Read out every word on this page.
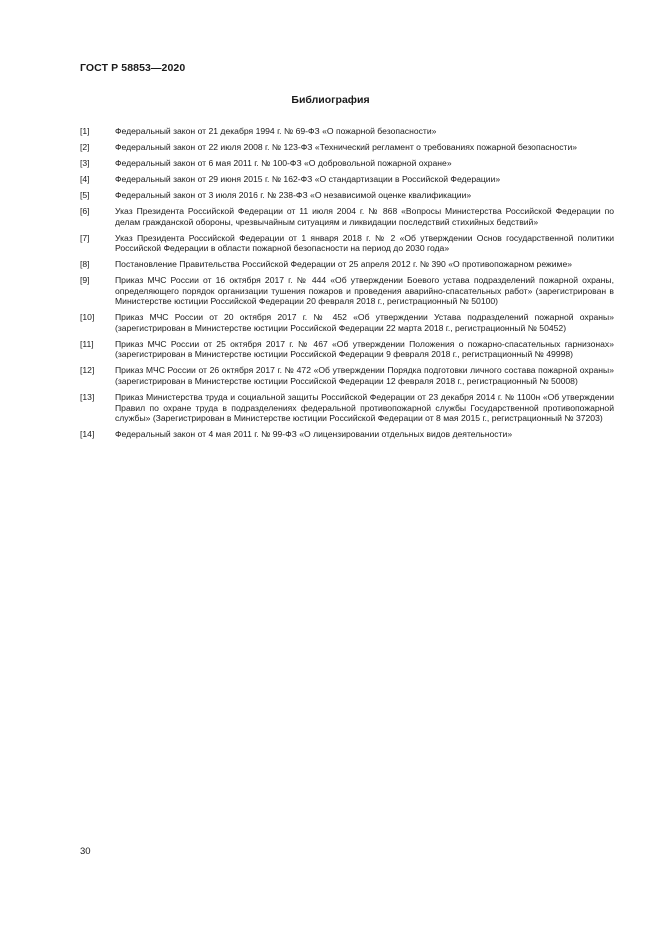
ГОСТ Р 58853—2020
Библиография
[1]	Федеральный закон от 21 декабря 1994 г. № 69-ФЗ «О пожарной безопасности»
[2]	Федеральный закон от 22 июля 2008 г. № 123-ФЗ «Технический регламент о требованиях пожарной безопасности»
[3]	Федеральный закон от 6 мая 2011 г. № 100-ФЗ «О добровольной пожарной охране»
[4]	Федеральный закон от 29 июня 2015 г. № 162-ФЗ «О стандартизации в Российской Федерации»
[5]	Федеральный закон от 3 июля 2016 г. № 238-ФЗ «О независимой оценке квалификации»
[6]	Указ Президента Российской Федерации от 11 июля 2004 г. № 868 «Вопросы Министерства Российской Федерации по делам гражданской обороны, чрезвычайным ситуациям и ликвидации последствий стихийных бедствий»
[7]	Указ Президента Российской Федерации от 1 января 2018 г. № 2 «Об утверждении Основ государственной политики Российской Федерации в области пожарной безопасности на период до 2030 года»
[8]	Постановление Правительства Российской Федерации от 25 апреля 2012 г. № 390 «О противопожарном режиме»
[9]	Приказ МЧС России от 16 октября 2017 г. № 444 «Об утверждении Боевого устава подразделений пожарной охраны, определяющего порядок организации тушения пожаров и проведения аварийно-спасательных работ» (зарегистрирован в Министерстве юстиции Российской Федерации 20 февраля 2018 г., регистрационный № 50100)
[10]	Приказ МЧС России от 20 октября 2017 г. № 452 «Об утверждении Устава подразделений пожарной охраны» (зарегистрирован в Министерстве юстиции Российской Федерации 22 марта 2018 г., регистрационный № 50452)
[11]	Приказ МЧС России от 25 октября 2017 г. № 467 «Об утверждении Положения о пожарно-спасательных гарнизонах» (зарегистрирован в Министерстве юстиции Российской Федерации 9 февраля 2018 г., регистрационный № 49998)
[12]	Приказ МЧС России от 26 октября 2017 г. № 472 «Об утверждении Порядка подготовки личного состава пожарной охраны» (зарегистрирован в Министерстве юстиции Российской Федерации 12 февраля 2018 г., регистрационный № 50008)
[13]	Приказ Министерства труда и социальной защиты Российской Федерации от 23 декабря 2014 г. № 1100н «Об утверждении Правил по охране труда в подразделениях федеральной противопожарной службы Государственной противопожарной службы» (Зарегистрирован в Министерстве юстиции Российской Федерации от 8 мая 2015 г., регистрационный № 37203)
[14]	Федеральный закон от 4 мая 2011 г. № 99-ФЗ «О лицензировании отдельных видов деятельности»
30
